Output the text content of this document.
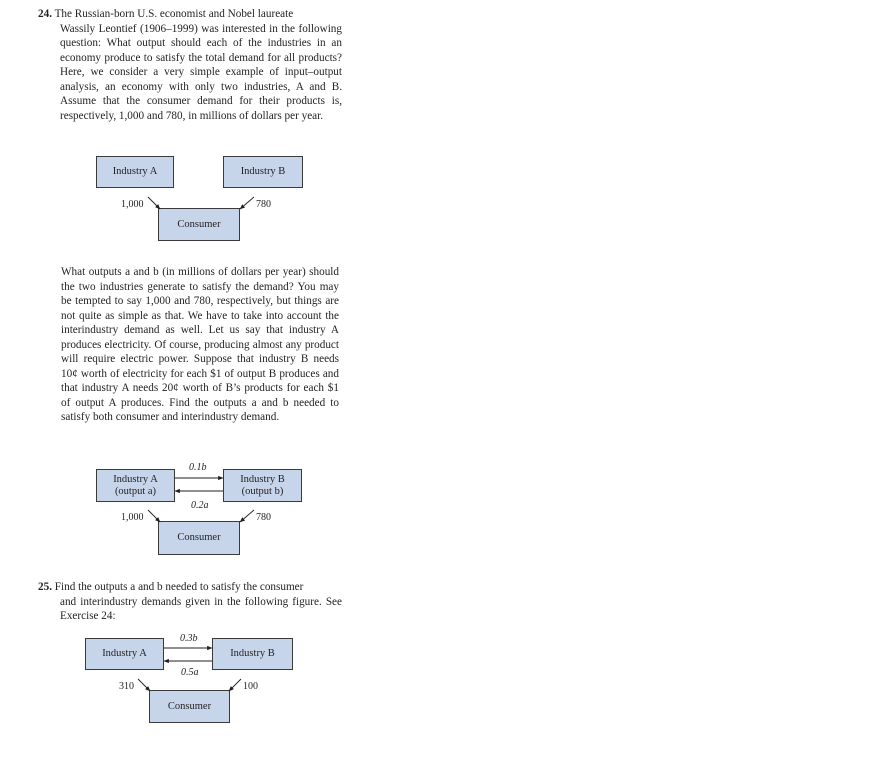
24. The Russian-born U.S. economist and Nobel laureate
Wassily Leontief (1906–1999) was interested in the following question: What output should each of the industries in an economy produce to satisfy the total demand for all products? Here, we consider a very simple example of input–output analysis, an economy with only two industries, A and B. Assume that the consumer demand for their products is, respectively, 1,000 and 780, in millions of dollars per year.
Industry A	Industry B
Consumer
1,000	780
What outputs a and b (in millions of dollars per year) should the two industries generate to satisfy the demand? You may be tempted to say 1,000 and 780, respectively, but things are not quite as simple as that. We have to take into account the interindustry demand as well. Let us say that industry A produces electricity. Of course, producing almost any product will require electric power. Suppose that industry B needs 10¢ worth of electricity for each $1 of output B produces and that industry A needs 20¢ worth of B’s products for each $1 of output A produces. Find the outputs a and b needed to satisfy both consumer and interindustry demand.
Industry A
(output a)
Industry B
(output b)
Consumer
0.1b
0.2a
1,000	780
25. Find the outputs a and b needed to satisfy the consumer
and interindustry demands given in the following figure. See Exercise 24:
Industry A	Industry B
Consumer
0.3b
0.5a
310	100
